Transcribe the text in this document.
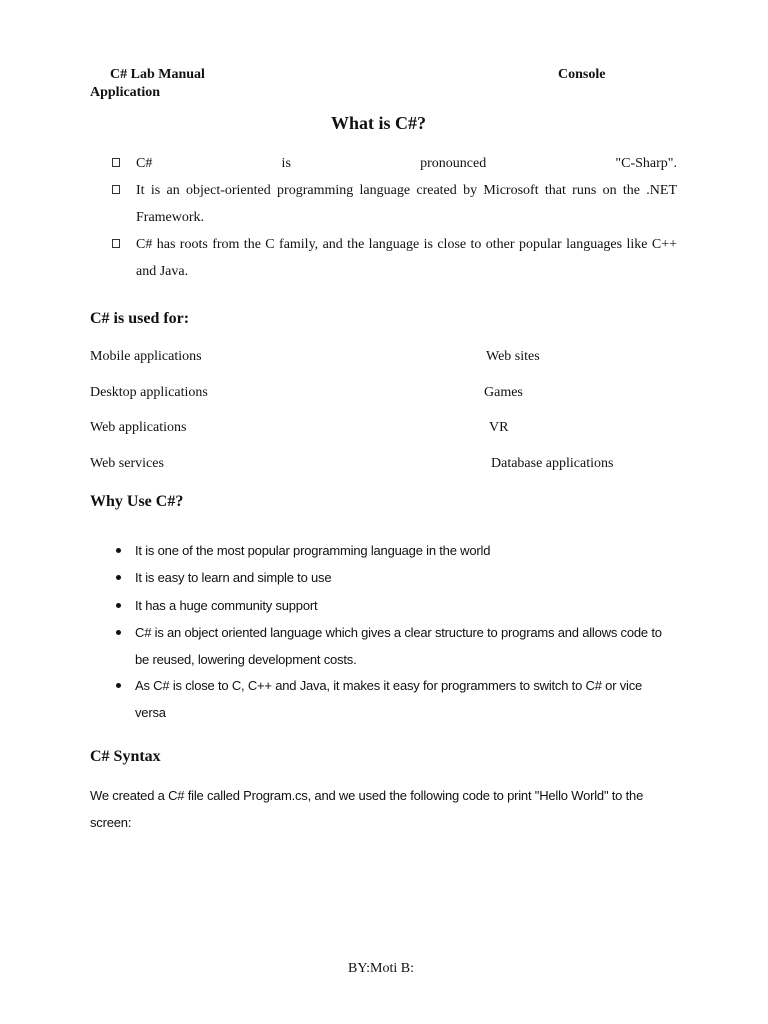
C# Lab Manual	Console
Application
What is C#?
C# is pronounced "C-Sharp".
It is an object-oriented programming language created by Microsoft that runs on the .NET Framework.
C# has roots from the C family, and the language is close to other popular languages like C++ and Java.
C# is used for:
Mobile applications	Web sites
Desktop applications	Games
Web applications	VR
Web services	Database applications
Why Use C#?
It is one of the most popular programming language in the world
It is easy to learn and simple to use
It has a huge community support
C# is an object oriented language which gives a clear structure to programs and allows code to be reused, lowering development costs.
As C# is close to C, C++ and Java, it makes it easy for programmers to switch to C# or vice versa
C# Syntax
We created a C# file called Program.cs, and we used the following code to print "Hello World" to the screen:
BY:Moti B:
